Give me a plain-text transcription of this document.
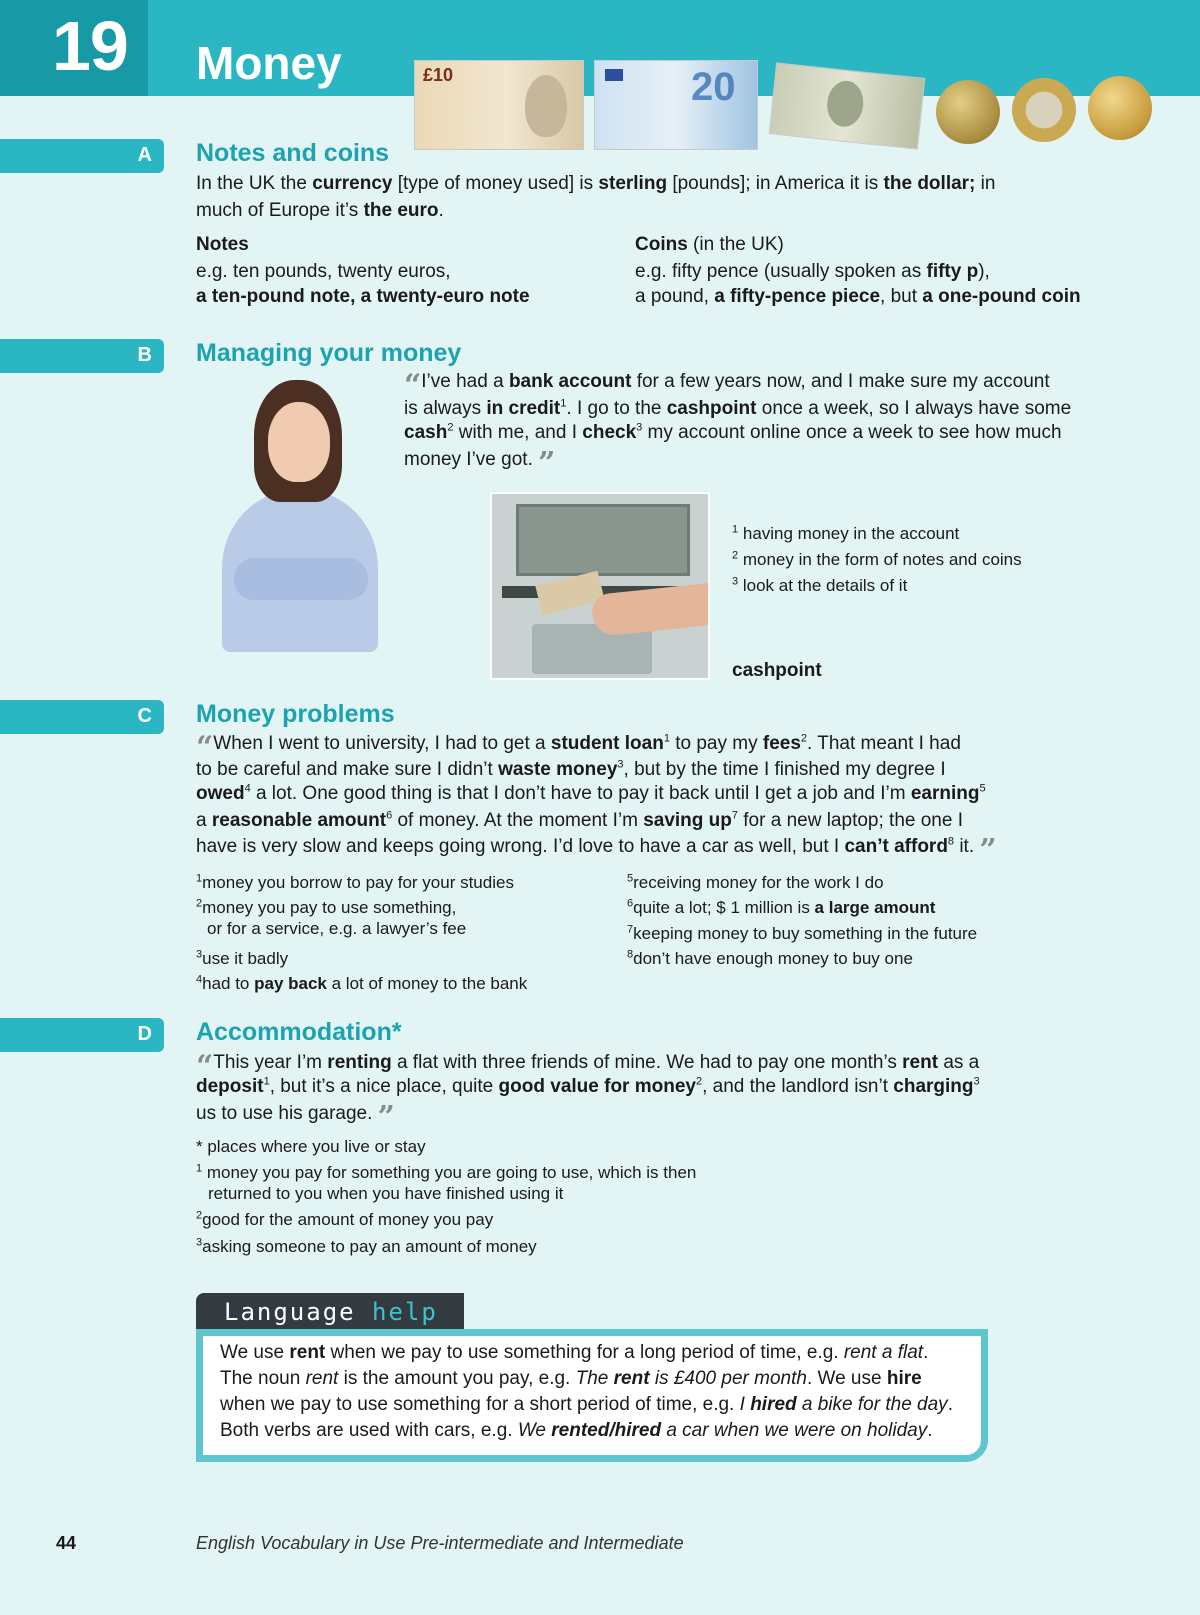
19 Money	£10	20
A Notes and coins
In the UK the currency [type of money used] is sterling [pounds]; in America it is the dollar; in
much of Europe it’s the euro.
Notes
e.g. ten pounds, twenty euros,
a ten-pound note, a twenty-euro note
Coins (in the UK)
e.g. fifty pence (usually spoken as fifty p),
a pound, a fifty-pence piece, but a one-pound coin
B Managing your money
“I’ve had a bank account for a few years now, and I make sure my account
is always in credit$^1$. I go to the cashpoint once a week, so I always have some
cash$^2$ with me, and I check$^3$ my account online once a week to see how much
money I’ve got. ”
$^1$ having money in the account
$^2$ money in the form of notes and coins
$^3$ look at the details of it
cashpoint
C Money problems
“When I went to university, I had to get a student loan$^1$ to pay my fees$^2$. That meant I had
to be careful and make sure I didn’t waste money$^3$, but by the time I finished my degree I
owed$^4$ a lot. One good thing is that I don’t have to pay it back until I get a job and I’m earning$^5$
a reasonable amount$^6$ of money. At the moment I’m saving $up^7$ for a new laptop; the one I
have is very slow and keeps going wrong. I’d love to have a car as well, but I can’t afford$^8$ it. ”
$^1$money you borrow to pay for your studies
$^2$money you pay to use something,
or for a service, e.g. a lawyer’s fee
$^3$use it badly
$^4$had to pay back a lot of money to the bank
$^5$receiving money for the work I do
$^6$quite a lot; $ 1 million is a large amount
$^7$keeping money to buy something in the future
$^8$don’t have enough money to buy one
D Accommodation*
“This year I’m renting a flat with three friends of mine. We had to pay one month’s rent as a
deposit$^1$, but it’s a nice place, quite good value for money$^2$, and the landlord isn’t charging$^3$
us to use his garage. ”
* places where you live or stay
$^1$ money you pay for something you are going to use, which is then
returned to you when you have finished using it
$^2$good for the amount of money you pay
$^3$asking someone to pay an amount of money
Language help
We use rent when we pay to use something for a long period of time, e.g. rent a flat.
The noun rent is the amount you pay, e.g. The rent is £400 per month. We use hire
when we pay to use something for a short period of time, e.g. I hired a bike for the day.
Both verbs are used with cars, e.g. We rented/hired a car when we were on holiday.
44	English Vocabulary in Use Pre-intermediate and Intermediate
